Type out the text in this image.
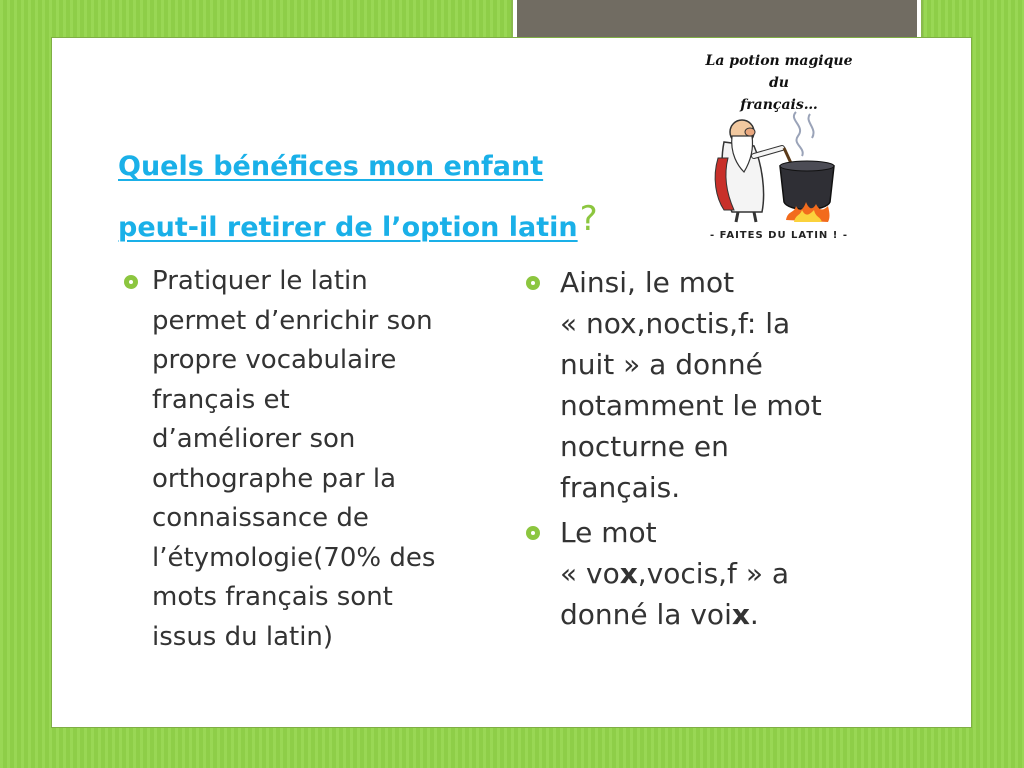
Quels bénéfices mon enfant
peut-il retirer de l’option latin?
Pratiquer le latin
permet d’enrichir son
propre vocabulaire
français et
d’améliorer son
orthographe par la
connaissance de
l’étymologie(70% des
mots français sont
issus du latin)
Ainsi, le mot
« nox,noctis,f: la
nuit » a donné
notamment le mot
nocturne en
français.
Le mot
« vox,vocis,f » a
donné la voix.
La potion magique du
français…
- FAITES DU LATIN ! -
